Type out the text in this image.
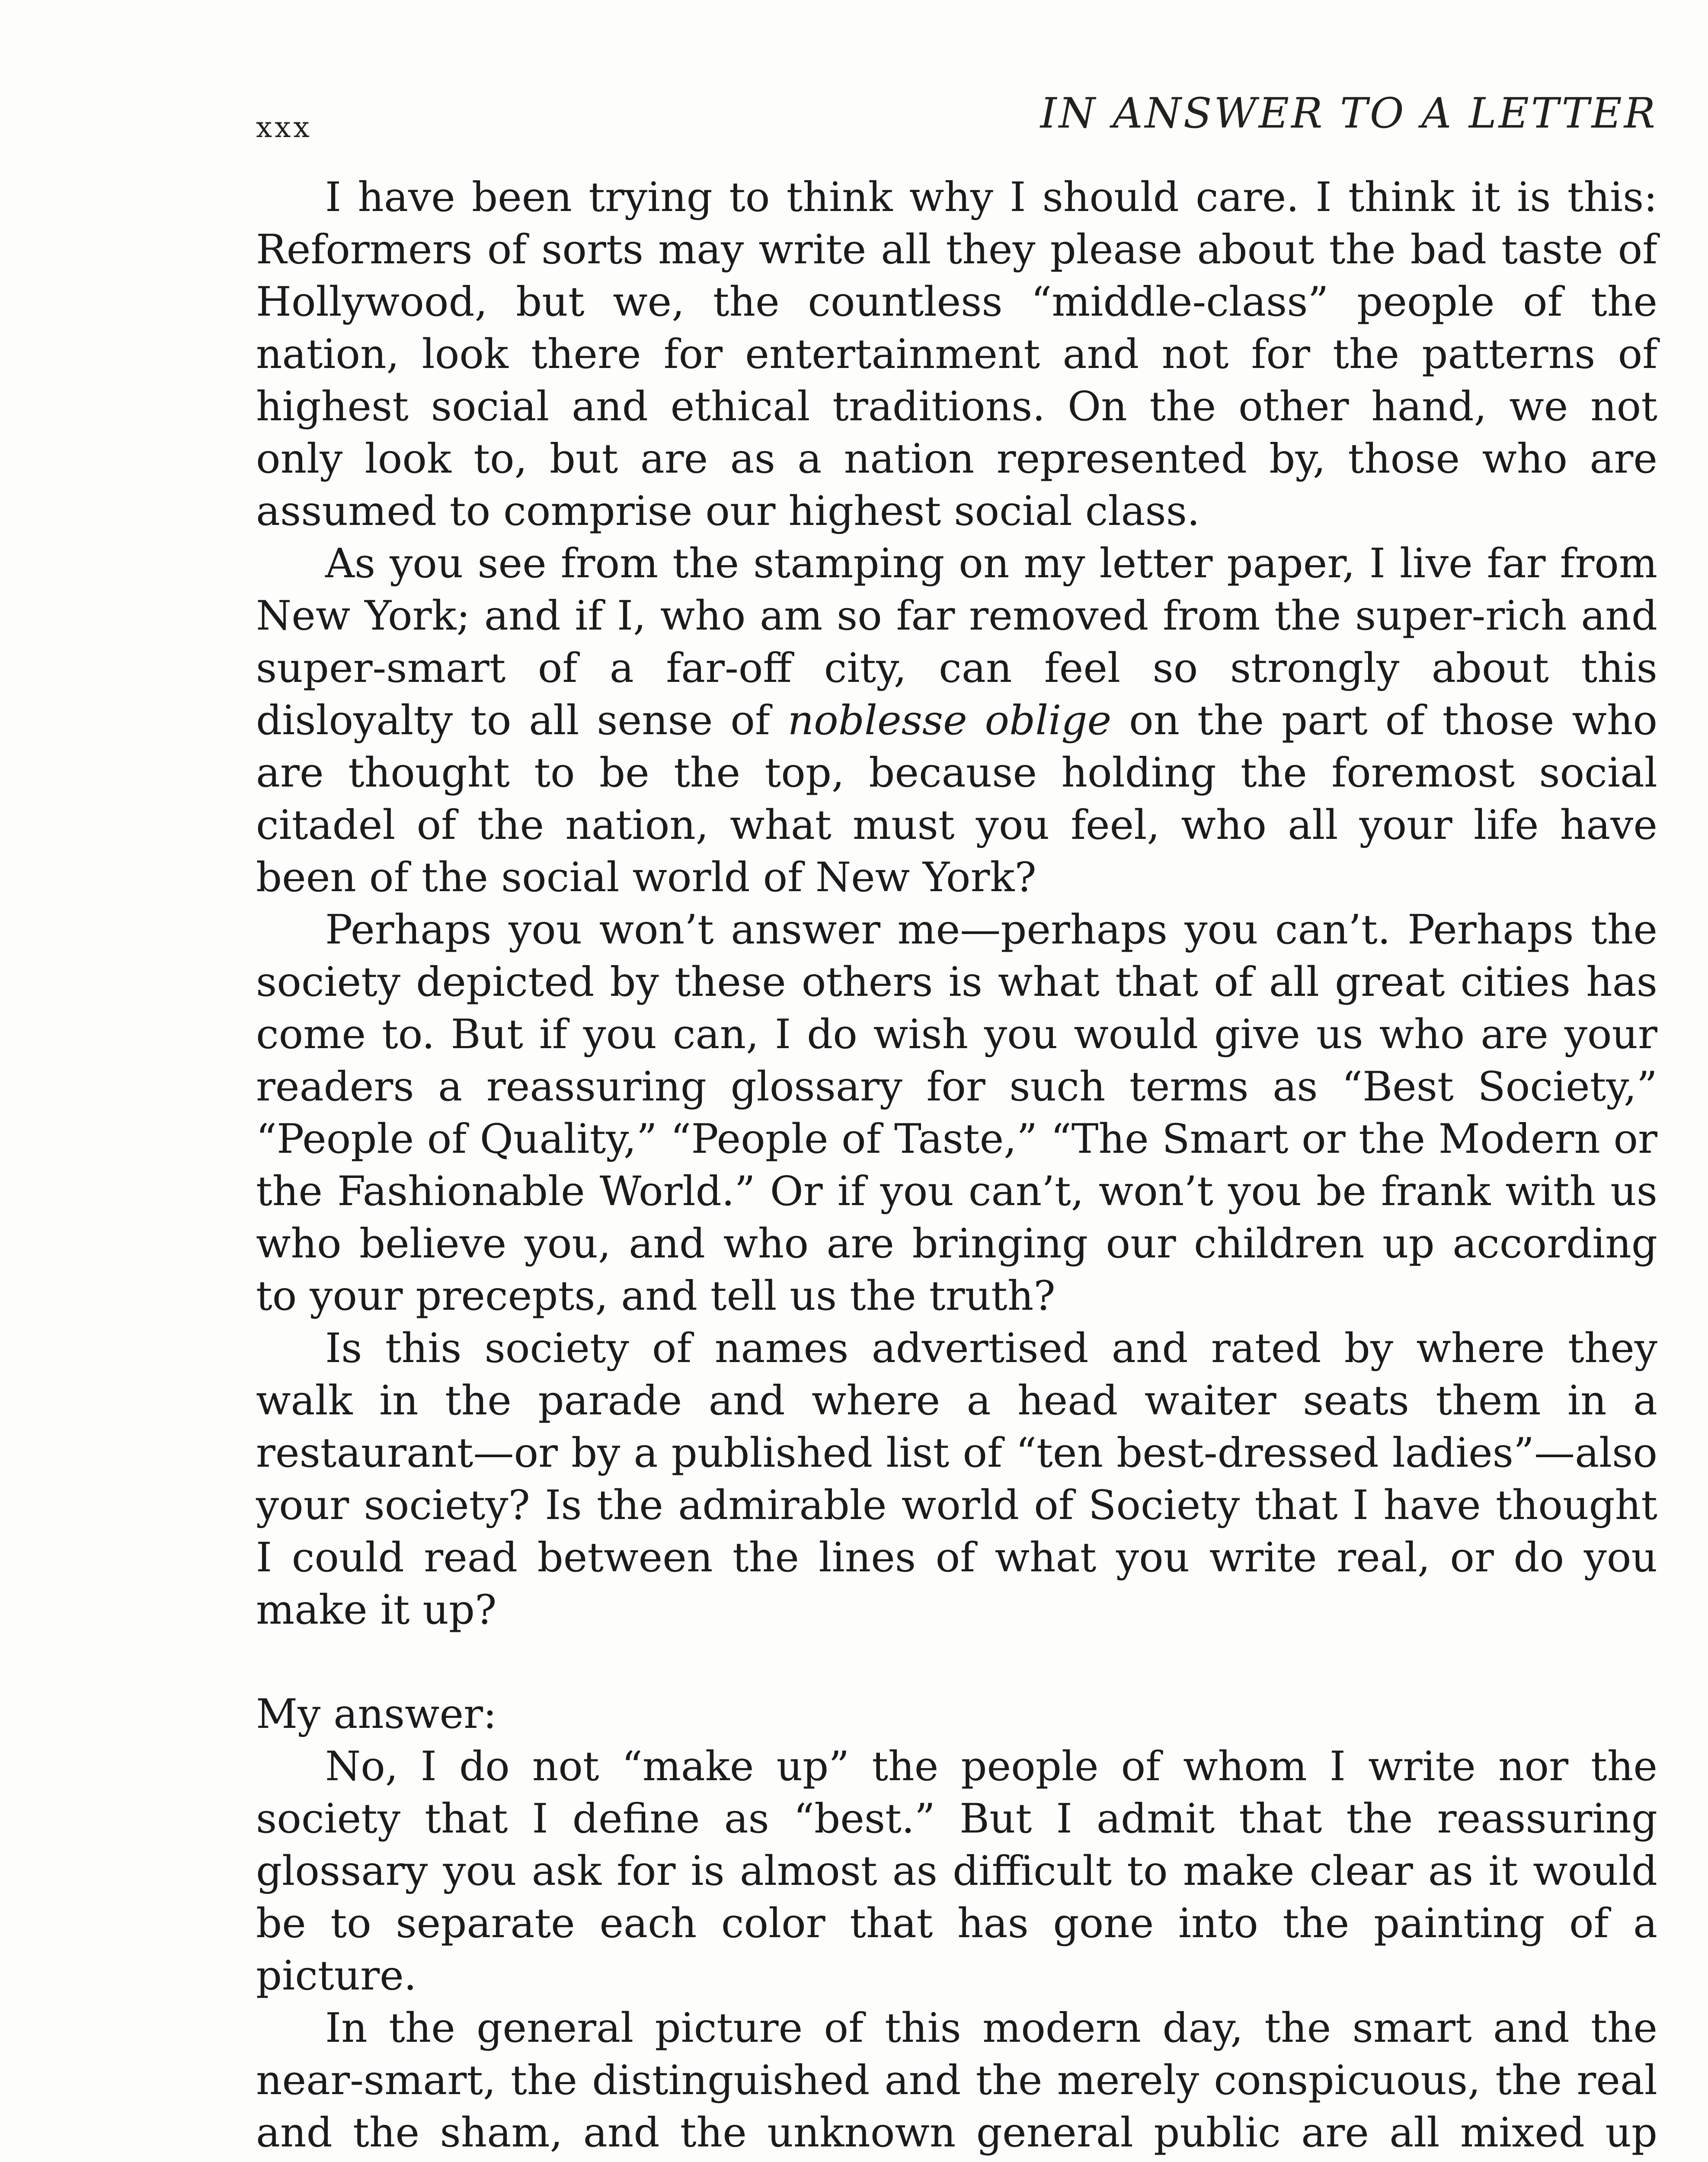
xxx	IN ANSWER TO A LETTER

I have been trying to think why I should care. I think it is this: Reformers of sorts may write all they please about the bad taste of Hollywood, but we, the countless “middle-class” people of the nation, look there for entertainment and not for the patterns of highest social and ethical traditions. On the other hand, we not only look to, but are as a nation represented by, those who are assumed to comprise our highest social class.

As you see from the stamping on my letter paper, I live far from New York; and if I, who am so far removed from the super-rich and super-smart of a far-off city, can feel so strongly about this disloyalty to all sense of noblesse oblige on the part of those who are thought to be the top, because holding the foremost social citadel of the nation, what must you feel, who all your life have been of the social world of New York?

Perhaps you won’t answer me—perhaps you can’t. Perhaps the society depicted by these others is what that of all great cities has come to. But if you can, I do wish you would give us who are your readers a reassuring glossary for such terms as “Best Society,” “People of Quality,” “People of Taste,” “The Smart or the Modern or the Fashionable World.” Or if you can’t, won’t you be frank with us who believe you, and who are bringing our children up according to your precepts, and tell us the truth?

Is this society of names advertised and rated by where they walk in the parade and where a head waiter seats them in a restaurant—or by a published list of “ten best-dressed ladies”—also your society? Is the admirable world of Society that I have thought I could read between the lines of what you write real, or do you make it up?

My answer:

No, I do not “make up” the people of whom I write nor the society that I define as “best.” But I admit that the reassuring glossary you ask for is almost as difficult to make clear as it would be to separate each color that has gone into the painting of a picture.

In the general picture of this modern day, the smart and the near-smart, the distinguished and the merely conspicuous, the real and the sham, and the unknown general public are all mixed up
